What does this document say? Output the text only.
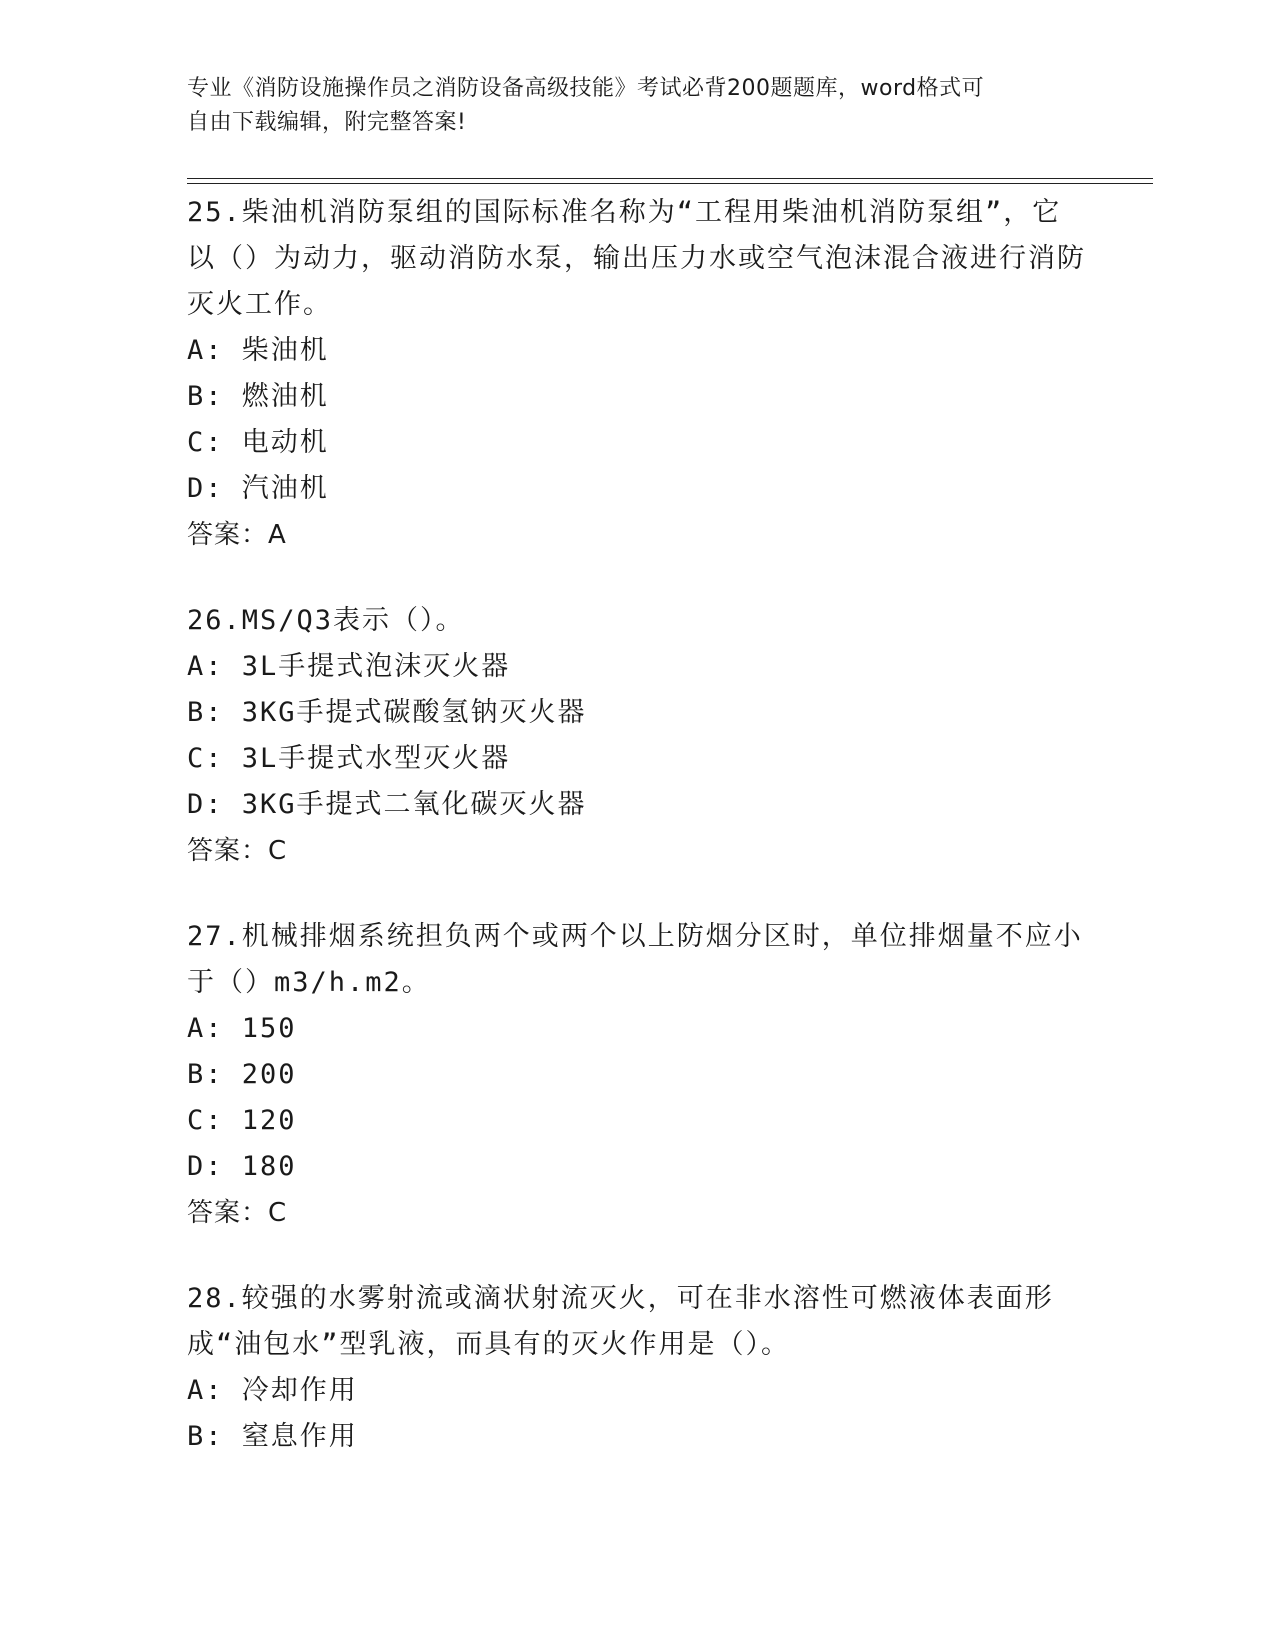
专业《消防设施操作员之消防设备高级技能》考试必背200题题库，word格式可
自由下载编辑，附完整答案!
25.柴油机消防泵组的国际标准名称为“工程用柴油机消防泵组”，它以（）为动力，驱动消防水泵，输出压力水或空气泡沫混合液进行消防灭火工作。
A: 柴油机
B: 燃油机
C: 电动机
D: 汽油机
答案：A
26.MS/Q3表示（）。
A: 3L手提式泡沫灭火器
B: 3KG手提式碳酸氢钠灭火器
C: 3L手提式水型灭火器
D: 3KG手提式二氧化碳灭火器
答案：C
27.机械排烟系统担负两个或两个以上防烟分区时，单位排烟量不应小于（）m3/h.m2。
A: 150
B: 200
C: 120
D: 180
答案：C
28.较强的水雾射流或滴状射流灭火，可在非水溶性可燃液体表面形成“油包水”型乳液，而具有的灭火作用是（）。
A: 冷却作用
B: 窒息作用
